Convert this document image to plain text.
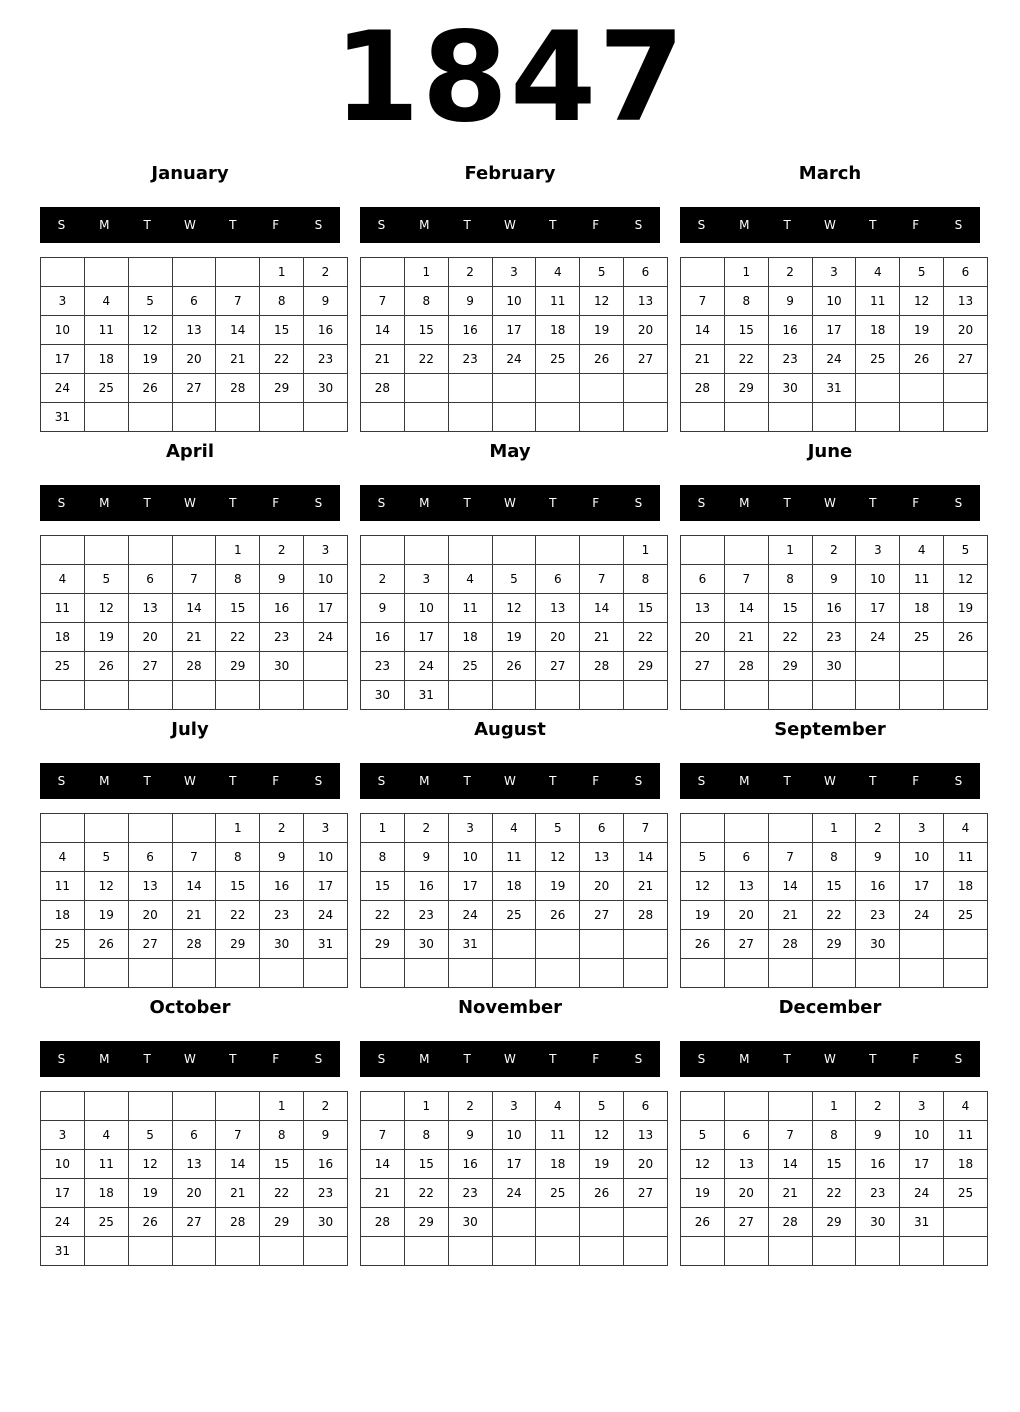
1847
January
S	M	T	W	T	F	S
					1	2
3	4	5	6	7	8	9
10	11	12	13	14	15	16
17	18	19	20	21	22	23
24	25	26	27	28	29	30
31						
February
S	M	T	W	T	F	S
	1	2	3	4	5	6
7	8	9	10	11	12	13
14	15	16	17	18	19	20
21	22	23	24	25	26	27
28						

March
S	M	T	W	T	F	S
	1	2	3	4	5	6
7	8	9	10	11	12	13
14	15	16	17	18	19	20
21	22	23	24	25	26	27
28	29	30	31			

April
S	M	T	W	T	F	S
				1	2	3
4	5	6	7	8	9	10
11	12	13	14	15	16	17
18	19	20	21	22	23	24
25	26	27	28	29	30	

May
S	M	T	W	T	F	S
						1
2	3	4	5	6	7	8
9	10	11	12	13	14	15
16	17	18	19	20	21	22
23	24	25	26	27	28	29
30	31					
June
S	M	T	W	T	F	S
		1	2	3	4	5
6	7	8	9	10	11	12
13	14	15	16	17	18	19
20	21	22	23	24	25	26
27	28	29	30			

July
S	M	T	W	T	F	S
				1	2	3
4	5	6	7	8	9	10
11	12	13	14	15	16	17
18	19	20	21	22	23	24
25	26	27	28	29	30	31

August
S	M	T	W	T	F	S
1	2	3	4	5	6	7
8	9	10	11	12	13	14
15	16	17	18	19	20	21
22	23	24	25	26	27	28
29	30	31				

September
S	M	T	W	T	F	S
			1	2	3	4
5	6	7	8	9	10	11
12	13	14	15	16	17	18
19	20	21	22	23	24	25
26	27	28	29	30		

October
S	M	T	W	T	F	S
					1	2
3	4	5	6	7	8	9
10	11	12	13	14	15	16
17	18	19	20	21	22	23
24	25	26	27	28	29	30
31						
November
S	M	T	W	T	F	S
	1	2	3	4	5	6
7	8	9	10	11	12	13
14	15	16	17	18	19	20
21	22	23	24	25	26	27
28	29	30				

December
S	M	T	W	T	F	S
			1	2	3	4
5	6	7	8	9	10	11
12	13	14	15	16	17	18
19	20	21	22	23	24	25
26	27	28	29	30	31	
